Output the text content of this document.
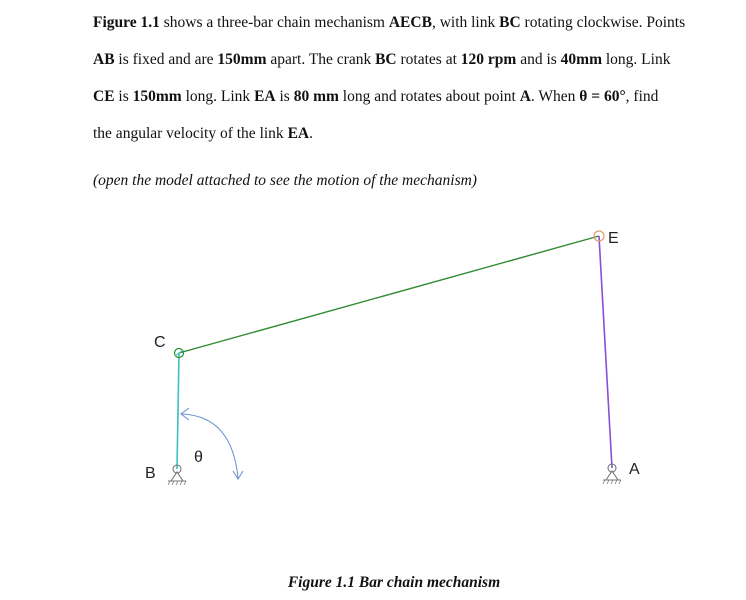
Figure 1.1 shows a three-bar chain mechanism AECB, with link BC rotating clockwise. Points
AB is fixed and are 150mm apart. The crank BC rotates at 120 rpm and is 40mm long. Link
CE is 150mm long. Link EA is 80 mm long and rotates about point A. When θ = 60°, find
the angular velocity of the link EA.

(open the model attached to see the motion of the mechanism)

E
C
B	A
θ

Figure 1.1 Bar chain mechanism
